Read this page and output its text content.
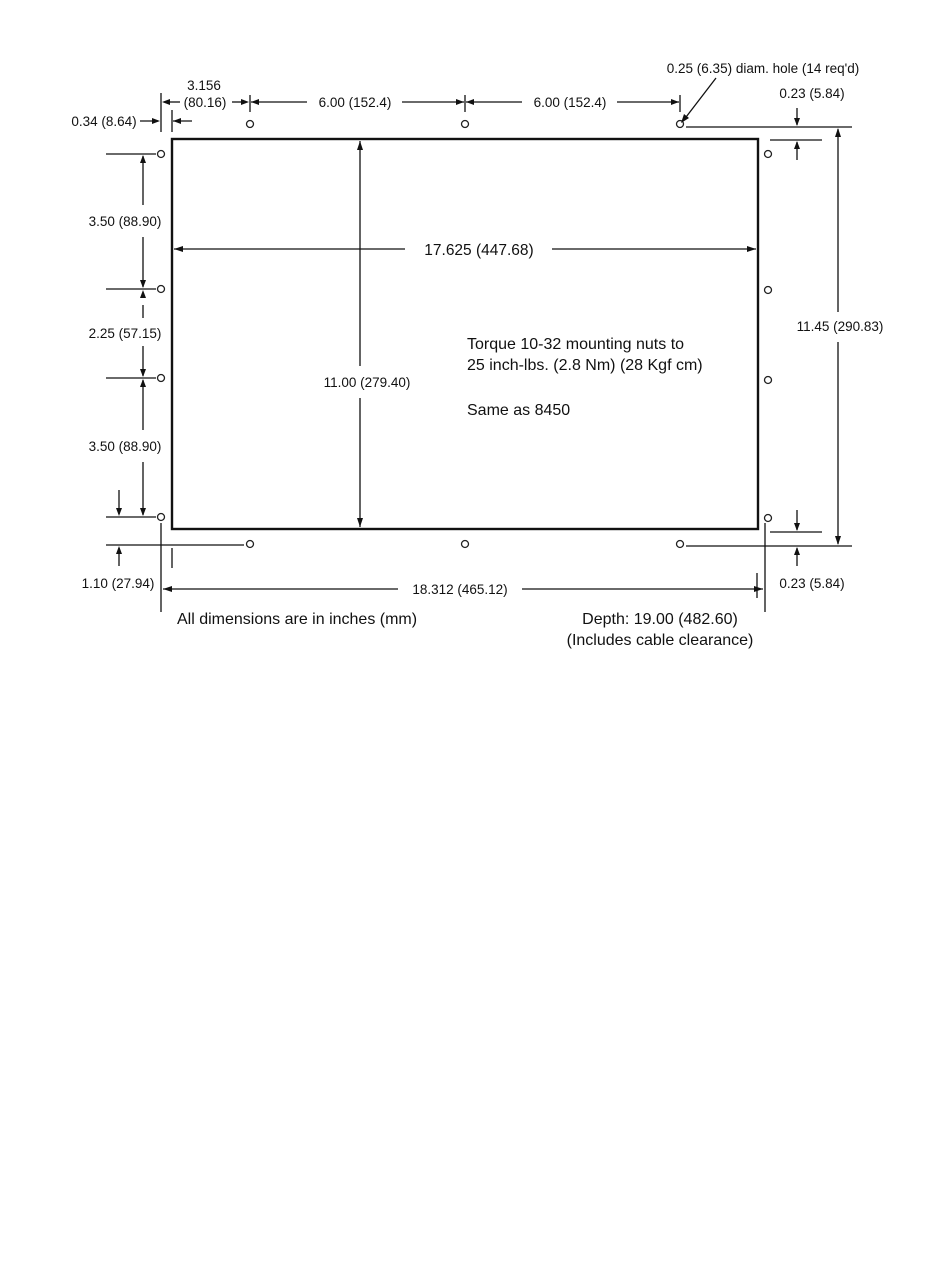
0.25 (6.35) diam. hole (14 req'd)
3.156
(80.16)	6.00 (152.4)	6.00 (152.4)
0.34 (8.64)
0.23 (5.84)
11.45 (290.83)
0.23 (5.84)
3.50 (88.90)
2.25 (57.15)
3.50 (88.90)
1.10 (27.94)
17.625 (447.68)
11.00 (279.40)
18.312 (465.12)
Torque 10-32 mounting nuts to
25 inch-lbs. (2.8 Nm) (28 Kgf cm)
Same as 8450
All dimensions are in inches (mm)	Depth: 19.00 (482.60)
(Includes cable clearance)
